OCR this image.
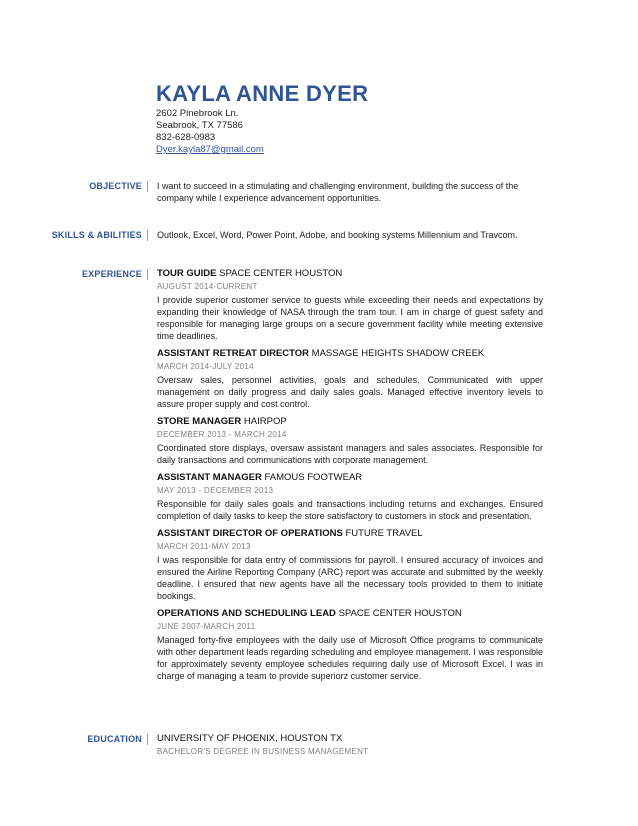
KAYLA ANNE DYER
2602 Pinebrook Ln.
Seabrook, TX 77586
832-628-0983
Dyer.kayla87@gmail.com
OBJECTIVE I want to succeed in a stimulating and challenging environment, building the success of the company while I experience advancement opportunities.
SKILLS & ABILITIES Outlook, Excel, Word, Power Point, Adobe, and booking systems Millennium and Travcom.
EXPERIENCE TOUR GUIDE SPACE CENTER HOUSTON
AUGUST 2014-CURRENT
I provide superior customer service to guests while exceeding their needs and expectations by expanding their knowledge of NASA through the tram tour. I am in charge of guest safety and responsible for managing large groups on a secure government facility while meeting extensive time deadlines.
ASSISTANT RETREAT DIRECTOR MASSAGE HEIGHTS SHADOW CREEK
MARCH 2014-JULY 2014
Oversaw sales, personnel activities, goals and schedules. Communicated with upper management on daily progress and daily sales goals. Managed effective inventory levels to assure proper supply and cost control.
STORE MANAGER HAIRPOP
DECEMBER 2013 - MARCH 2014
Coordinated store displays, oversaw assistant managers and sales associates. Responsible for daily transactions and communications with corporate management.
ASSISTANT MANAGER FAMOUS FOOTWEAR
MAY 2013 - DECEMBER 2013
Responsible for daily sales goals and transactions including returns and exchanges. Ensured completion of daily tasks to keep the store satisfactory to customers in stock and presentation.
ASSISTANT DIRECTOR OF OPERATIONS FUTURE TRAVEL
MARCH 2011-MAY 2013
I was responsible for data entry of commissions for payroll. I ensured accuracy of invoices and ensured the Airline Reporting Company (ARC) report was accurate and submitted by the weekly deadline. I ensured that new agents have all the necessary tools provided to them to initiate bookings.
OPERATIONS AND SCHEDULING LEAD SPACE CENTER HOUSTON
JUNE 2007-MARCH 2011
Managed forty-five employees with the daily use of Microsoft Office programs to communicate with other department leads regarding scheduling and employee management. I was responsible for approximately seventy employee schedules requiring daily use of Microsoft Excel. I was in charge of managing a team to provide superiorz customer service.
EDUCATION UNIVERSITY OF PHOENIX, HOUSTON TX
BACHELOR'S DEGREE IN BUSINESS MANAGEMENT
